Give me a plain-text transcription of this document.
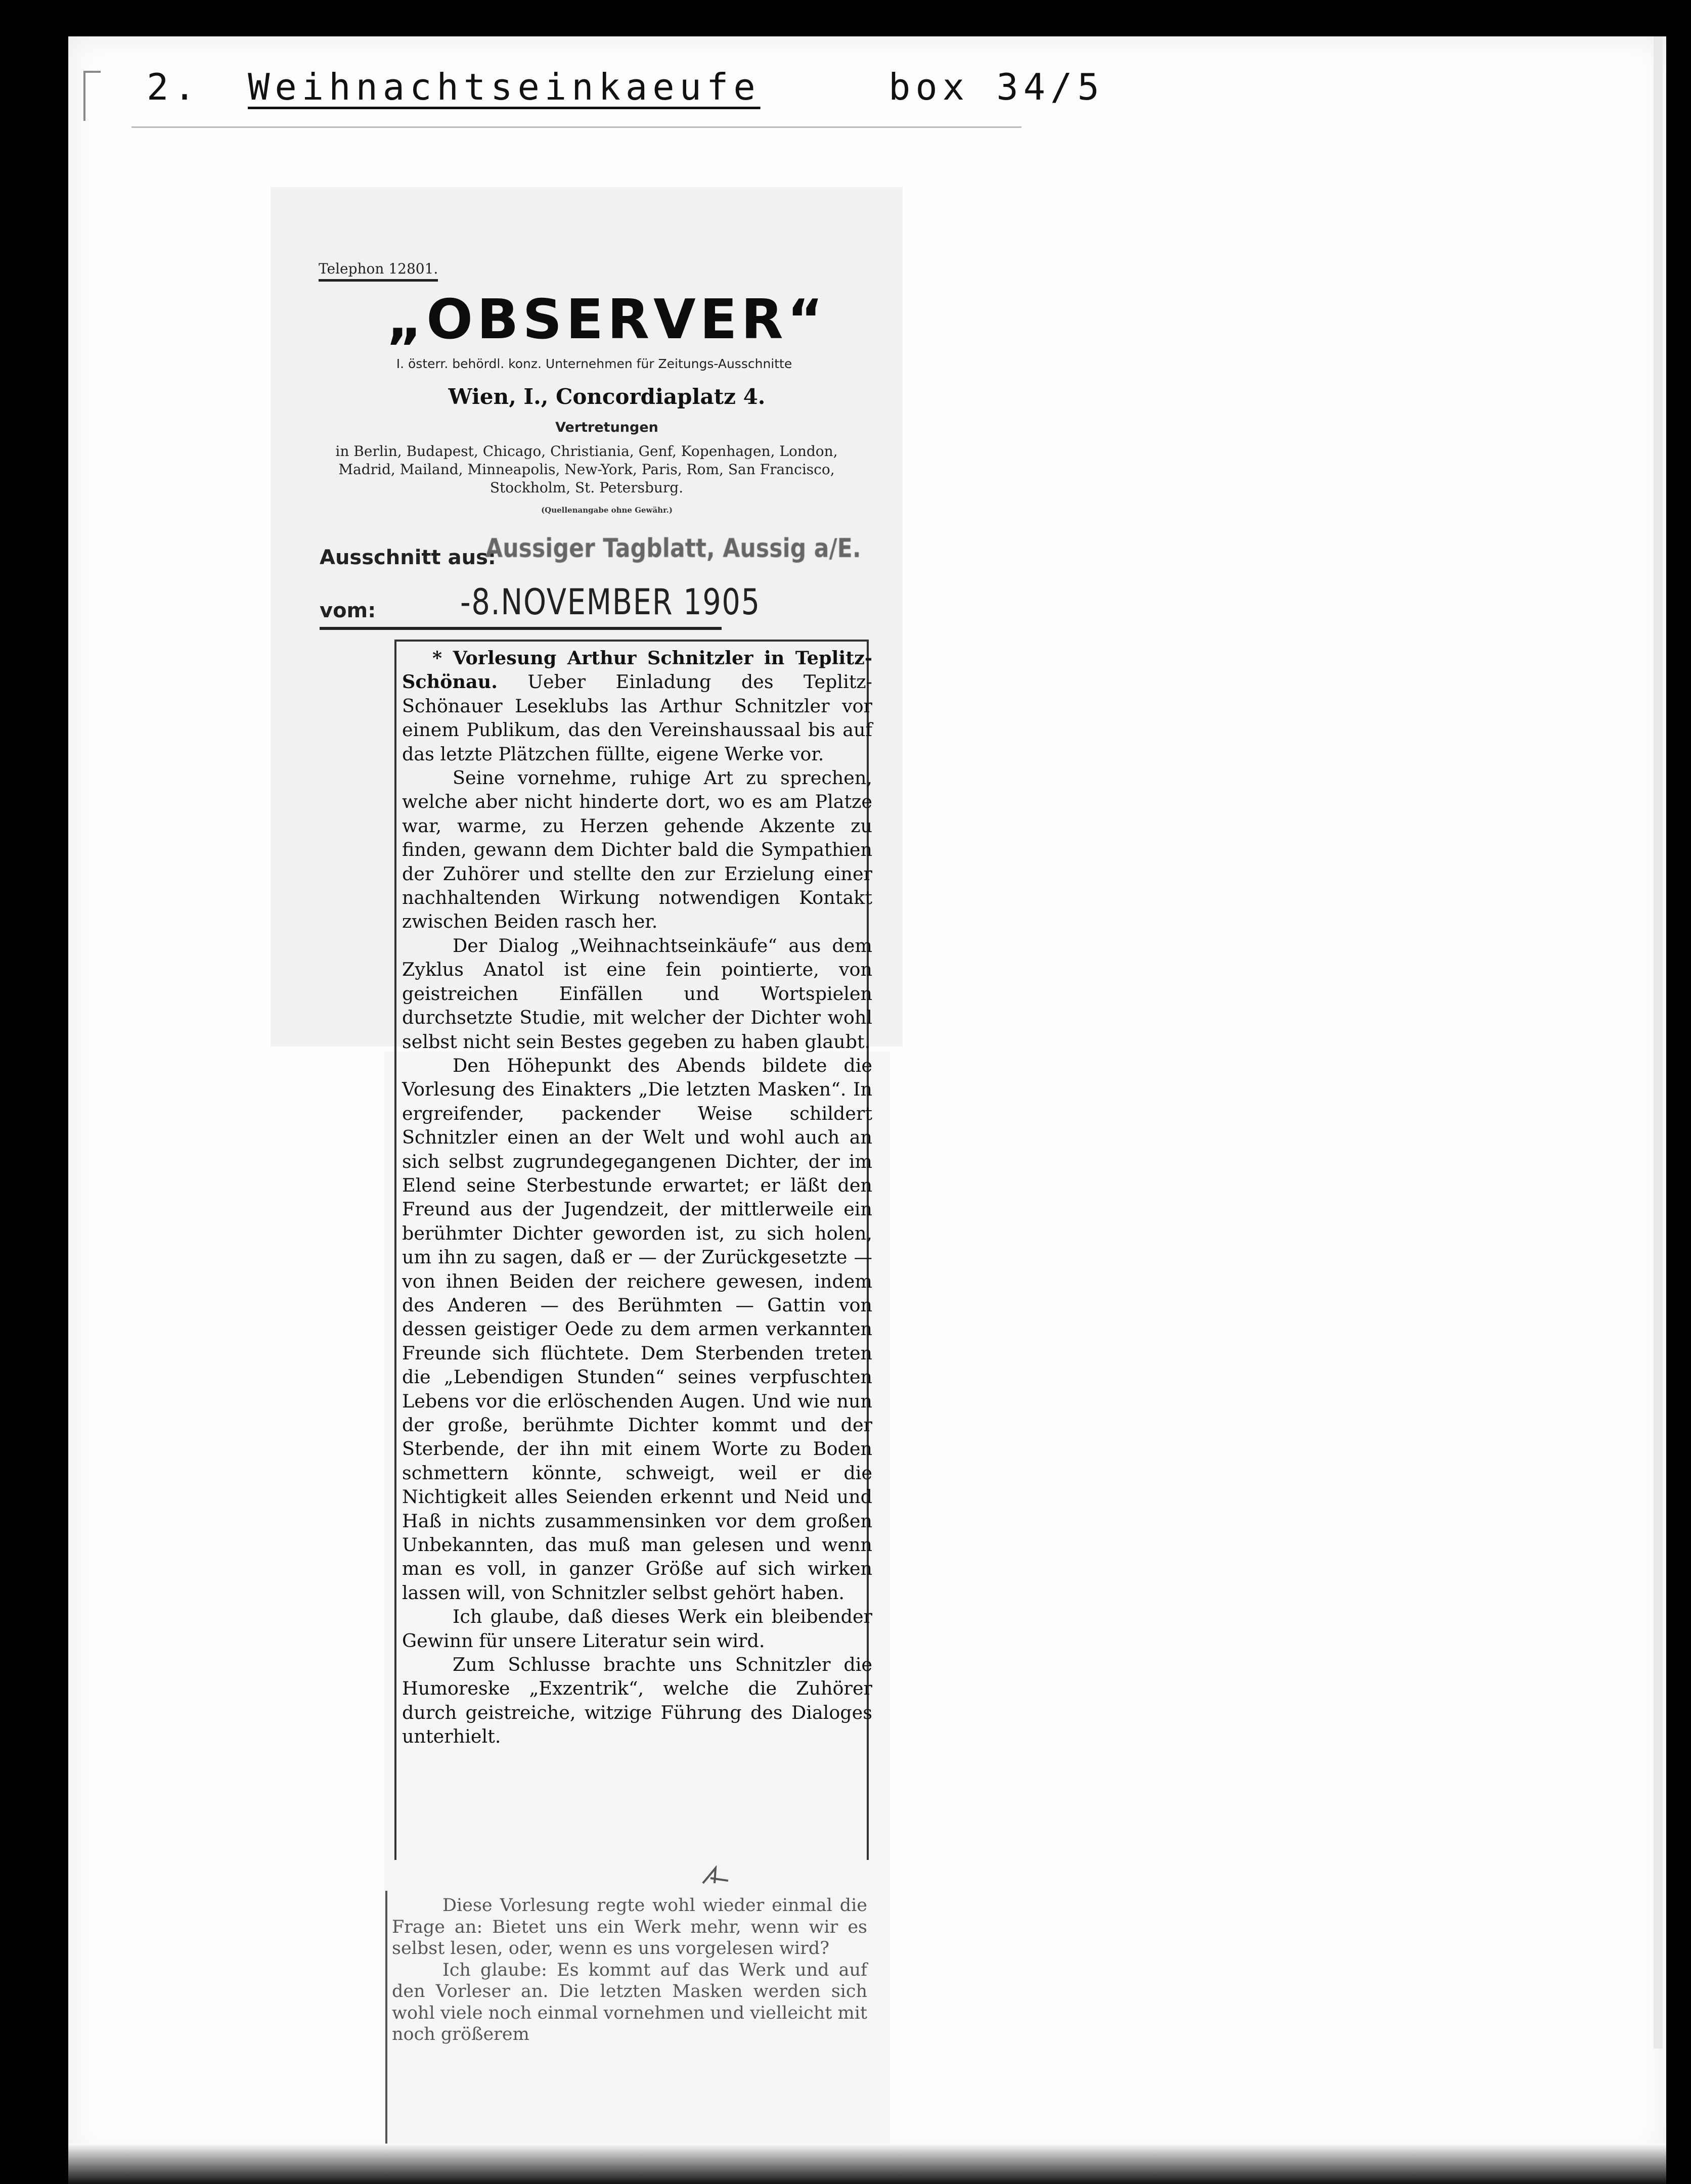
2. Weihnachtseinkaeufe	box 34/5
Telephon 12801.
„OBSERVER“
I. österr. behördl. konz. Unternehmen für Zeitungs-Ausschnitte
Wien, I., Concordiaplatz 4.
Vertretungen
in Berlin, Budapest, Chicago, Christiania, Genf, Kopenhagen, London, Madrid, Mailand, Minneapolis, New-York, Paris, Rom, San Francisco, Stockholm, St. Petersburg.
(Quellenangabe ohne Gewähr.)
Ausschnitt aus:
Aussiger Tagblatt, Aussig a/E.
vom: -8.NOVEMBER 1905

* Vorlesung Arthur Schnitzler in Teplitz-Schönau. Ueber Einladung des Teplitz-Schönauer Leseklubs las Arthur Schnitzler vor einem Publikum, das den Vereinshaussaal bis auf das letzte Plätzchen füllte, eigene Werke vor.

Seine vornehme, ruhige Art zu sprechen, welche aber nicht hinderte dort, wo es am Platze war, warme, zu Herzen gehende Akzente zu finden, gewann dem Dichter bald die Sympathien der Zuhörer und stellte den zur Erzielung einer nachhaltenden Wirkung notwendigen Kontakt zwischen Beiden rasch her.

Der Dialog „Weihnachtseinkäufe“ aus dem Zyklus Anatol ist eine fein pointierte, von geistreichen Einfällen und Wortspielen durchsetzte Studie, mit welcher der Dichter wohl selbst nicht sein Bestes gegeben zu haben glaubt.

Den Höhepunkt des Abends bildete die Vorlesung des Einakters „Die letzten Masken“. In ergreifender, packender Weise schildert Schnitzler einen an der Welt und wohl auch an sich selbst zugrundegegangenen Dichter, der im Elend seine Sterbestunde erwartet; er läßt den Freund aus der Jugendzeit, der mittlerweile ein berühmter Dichter geworden ist, zu sich holen, um ihn zu sagen, daß er — der Zurückgesetzte — von ihnen Beiden der reichere gewesen, indem des Anderen — des Berühmten — Gattin von dessen geistiger Oede zu dem armen verkannten Freunde sich flüchtete. Dem Sterbenden treten die „Lebendigen Stunden“ seines verpfuschten Lebens vor die erlöschenden Augen. Und wie nun der große, berühmte Dichter kommt und der Sterbende, der ihn mit einem Worte zu Boden schmettern könnte, schweigt, weil er die Nichtigkeit alles Seienden erkennt und Neid und Haß in nichts zusammensinken vor dem großen Unbekannten, das muß man gelesen und wenn man es voll, in ganzer Größe auf sich wirken lassen will, von Schnitzler selbst gehört haben.

Ich glaube, daß dieses Werk ein bleibender Gewinn für unsere Literatur sein wird.

Zum Schlusse brachte uns Schnitzler die Humoreske „Exzentrik“, welche die Zuhörer durch geistreiche, witzige Führung des Dialoges unterhielt.

Diese Vorlesung regte wohl wieder einmal die Frage an: Bietet uns ein Werk mehr, wenn wir es selbst lesen, oder, wenn es uns vorgelesen wird?

Ich glaube: Es kommt auf das Werk und auf den Vorleser an. Die letzten Masken werden sich wohl viele noch einmal vornehmen und vielleicht mit noch größerem
